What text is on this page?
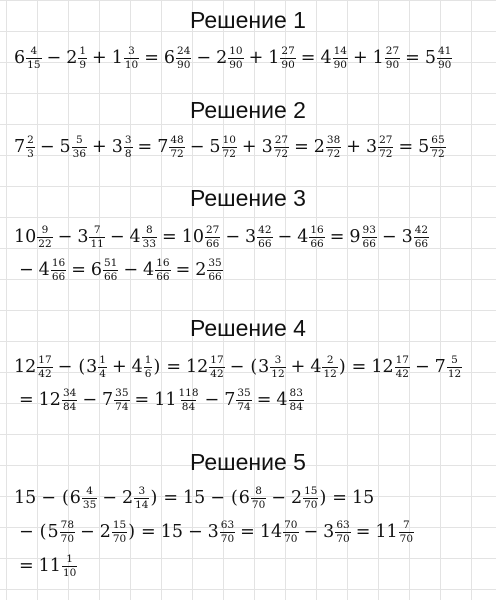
Решение 1
$6 \frac{4}{15} - 2 \frac{1}{9} + 1 \frac{3}{10} = 6 \frac{24}{90} - 2 \frac{10}{90} + 1 \frac{27}{90} = 4 \frac{14}{90} + 1 \frac{27}{90} = 5 \frac{41}{90}$
Решение 2
$7 \frac{2}{3} - 5 \frac{5}{36} + 3 \frac{3}{8} = 7 \frac{48}{72} - 5 \frac{10}{72} + 3 \frac{27}{72} = 2 \frac{38}{72} + 3 \frac{27}{72} = 5 \frac{65}{72}$
Решение 3
$10 \frac{9}{22} - 3 \frac{7}{11} - 4 \frac{8}{33} = 10 \frac{27}{66} - 3 \frac{42}{66} - 4 \frac{16}{66} = 9 \frac{93}{66} - 3 \frac{42}{66}$
− $4 \frac{16}{66} = 6 \frac{51}{66} - 4 \frac{16}{66} = 2 \frac{35}{66}$
Решение 4
$12 \frac{17}{42}$ − ( $3 \frac{1}{4} + 4 \frac{1}{6}$ ) = $12 \frac{17}{42}$ − ( $3 \frac{3}{12} + 4 \frac{2}{12}$ ) = $12 \frac{17}{42} - 7 \frac{5}{12}$
= $12 \frac{34}{84} - 7 \frac{35}{74} = 11 \frac{118}{84} - 7 \frac{35}{74} = 4 \frac{83}{84}$
Решение 5
15 − ( $6 \frac{4}{35} - 2 \frac{3}{14}$ ) = 15 − ( $6 \frac{8}{70} - 2 \frac{15}{70}$ ) = 15
− ( $5 \frac{78}{70} - 2 \frac{15}{70}$ ) = $15 - 3 \frac{63}{70} = 14 \frac{70}{70} - 3 \frac{63}{70} = 11 \frac{7}{70}$
= $11 \frac{1}{10}$
